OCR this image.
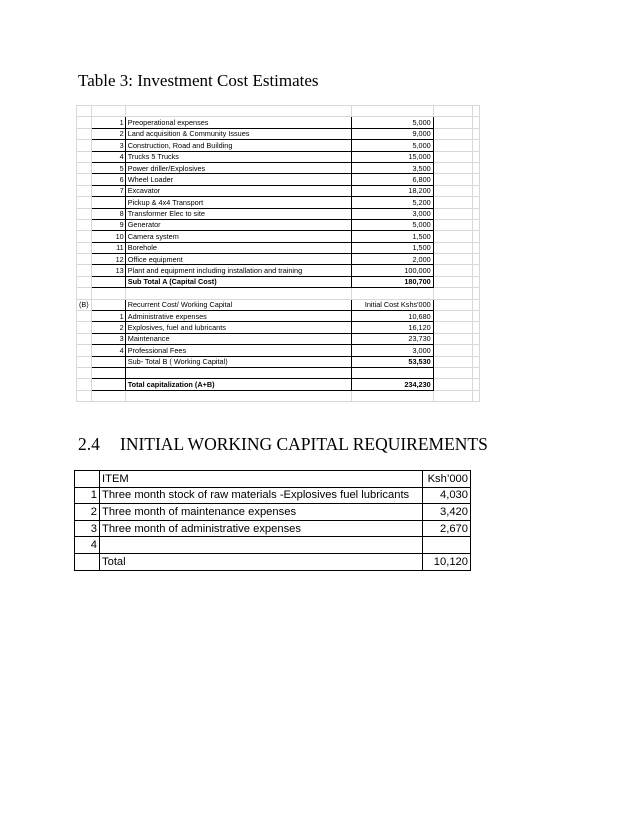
Table 3: Investment Cost Estimates

	1	Preoperational expenses	5,000		
	2	Land acquisition & Community Issues	9,000		
	3	Construction, Road and Building	5,000		
	4	Trucks 5 Trucks	15,000		
	5	Power driller/Explosives	3,500		
	6	Wheel Loader	6,800		
	7	Excavator	18,200		
		Pickup & 4x4 Transport	5,200		
	8	Transformer Elec to site	3,000		
	9	Generator	5,000		
	10	Camera system	1,500		
	11	Borehole	1,500		
	12	Office equipment	2,000		
	13	Plant and equipment including installation and training	100,000		
		Sub Total A (Capital Cost)	180,700		

(B)		Recurrent Cost/ Working Capital	Initial Cost Kshs'000		
	1	Administrative expenses	10,680		
	2	Explosives, fuel and lubricants	16,120		
	3	Maintenance	23,730		
	4	Professional Fees	3,000		
		Sub- Total B ( Working Capital)	53,530		

		Total capitalization (A+B)	234,230		

2.4 INITIAL WORKING CAPITAL REQUIREMENTS
	ITEM	Ksh’000
1	Three month stock of raw materials -Explosives fuel lubricants	4,030
2	Three month of maintenance expenses	3,420
3	Three month of administrative expenses	2,670
4		
	Total	10,120
